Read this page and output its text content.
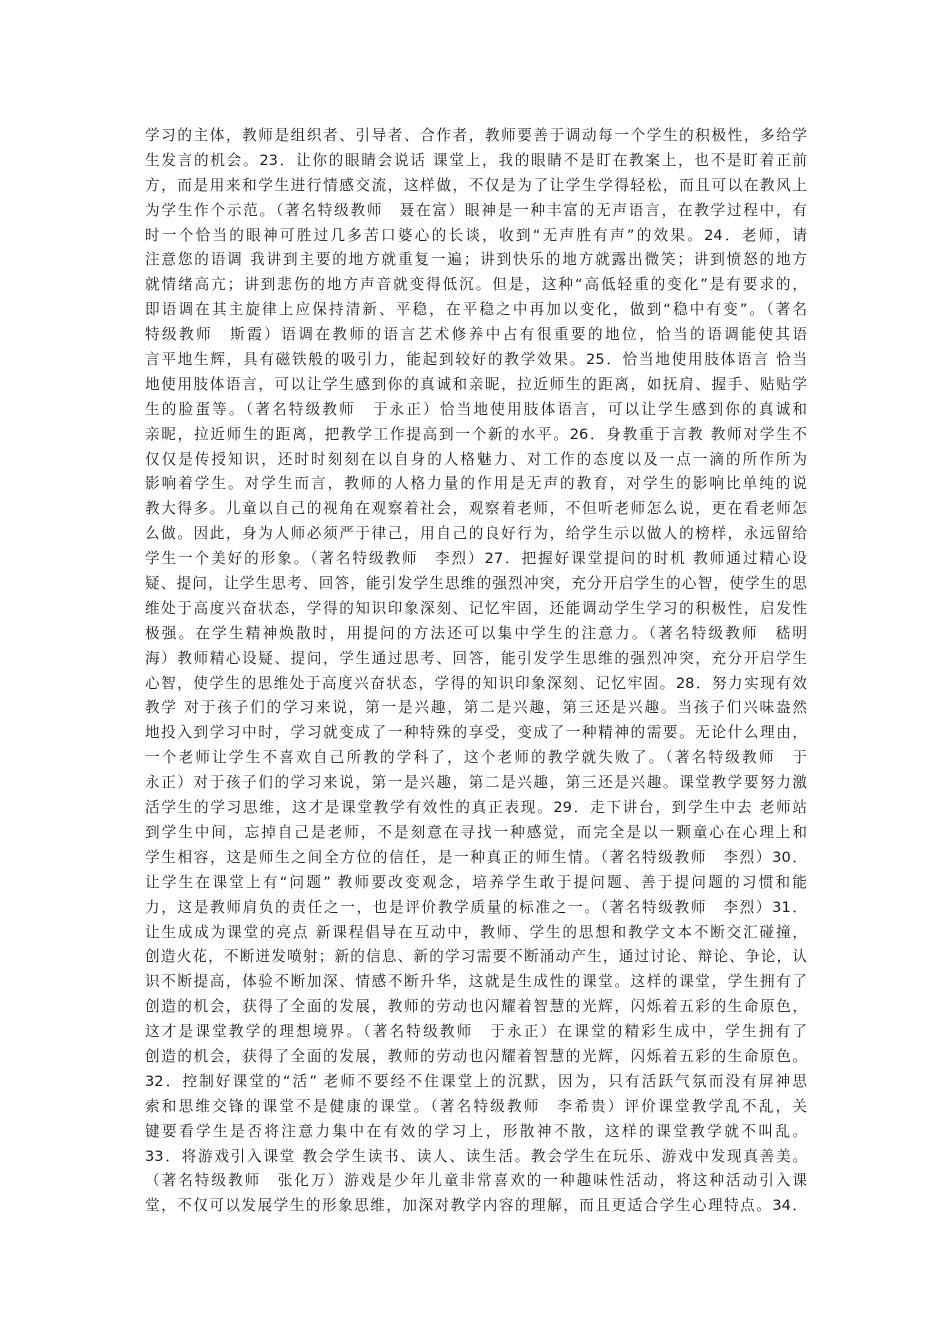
学习的主体，教师是组织者、引导者、合作者，教师要善于调动每一个学生的积极性，多给学
生发言的机会。23．让你的眼睛会说话 课堂上，我的眼睛不是盯在教案上，也不是盯着正前
方，而是用来和学生进行情感交流，这样做，不仅是为了让学生学得轻松，而且可以在教风上
为学生作个示范。（著名特级教师　聂在富）眼神是一种丰富的无声语言，在教学过程中，有
时一个恰当的眼神可胜过几多苦口婆心的长谈，收到“无声胜有声”的效果。24．老师，请
注意您的语调 我讲到主要的地方就重复一遍；讲到快乐的地方就露出微笑；讲到愤怒的地方
就情绪高亢；讲到悲伤的地方声音就变得低沉。但是，这种“高低轻重的变化”是有要求的，
即语调在其主旋律上应保持清新、平稳，在平稳之中再加以变化，做到“稳中有变”。（著名
特级教师　斯霞）语调在教师的语言艺术修养中占有很重要的地位，恰当的语调能使其语
言平地生辉，具有磁铁般的吸引力，能起到较好的教学效果。25．恰当地使用肢体语言 恰当
地使用肢体语言，可以让学生感到你的真诚和亲昵，拉近师生的距离，如抚肩、握手、贴贴学
生的脸蛋等。（著名特级教师　于永正）恰当地使用肢体语言，可以让学生感到你的真诚和
亲昵，拉近师生的距离，把教学工作提高到一个新的水平。26．身教重于言教 教师对学生不
仅仅是传授知识，还时时刻刻在以自身的人格魅力、对工作的态度以及一点一滴的所作所为
影响着学生。对学生而言，教师的人格力量的作用是无声的教育，对学生的影响比单纯的说
教大得多。儿童以自己的视角在观察着社会，观察着老师，不但听老师怎么说，更在看老师怎
么做。因此，身为人师必须严于律己，用自己的良好行为，给学生示以做人的榜样，永远留给
学生一个美好的形象。（著名特级教师　李烈）27．把握好课堂提问的时机 教师通过精心设
疑、提问，让学生思考、回答，能引发学生思维的强烈冲突，充分开启学生的心智，使学生的思
维处于高度兴奋状态，学得的知识印象深刻、记忆牢固，还能调动学生学习的积极性，启发性
极强。在学生精神焕散时，用提问的方法还可以集中学生的注意力。（著名特级教师　嵇明
海）教师精心设疑、提问，学生通过思考、回答，能引发学生思维的强烈冲突，充分开启学生
心智，使学生的思维处于高度兴奋状态，学得的知识印象深刻、记忆牢固。28．努力实现有效
教学 对于孩子们的学习来说，第一是兴趣，第二是兴趣，第三还是兴趣。当孩子们兴味盎然
地投入到学习中时，学习就变成了一种特殊的享受，变成了一种精神的需要。无论什么理由，
一个老师让学生不喜欢自己所教的学科了，这个老师的教学就失败了。（著名特级教师　于
永正）对于孩子们的学习来说，第一是兴趣，第二是兴趣，第三还是兴趣。课堂教学要努力激
活学生的学习思维，这才是课堂教学有效性的真正表现。29．走下讲台，到学生中去 老师站
到学生中间，忘掉自己是老师，不是刻意在寻找一种感觉，而完全是以一颗童心在心理上和
学生相容，这是师生之间全方位的信任，是一种真正的师生情。（著名特级教师　李烈）30．
让学生在课堂上有“问题” 教师要改变观念，培养学生敢于提问题、善于提问题的习惯和能
力，这是教师肩负的责任之一，也是评价教学质量的标准之一。（著名特级教师　李烈）31．
让生成成为课堂的亮点 新课程倡导在互动中，教师、学生的思想和教学文本不断交汇碰撞，
创造火花，不断迸发喷射；新的信息、新的学习需要不断涌动产生，通过讨论、辩论、争论，认
识不断提高，体验不断加深、情感不断升华，这就是生成性的课堂。这样的课堂，学生拥有了
创造的机会，获得了全面的发展，教师的劳动也闪耀着智慧的光辉，闪烁着五彩的生命原色，
这才是课堂教学的理想境界。（著名特级教师　于永正）在课堂的精彩生成中，学生拥有了
创造的机会，获得了全面的发展，教师的劳动也闪耀着智慧的光辉，闪烁着五彩的生命原色。
32．控制好课堂的“活” 老师不要经不住课堂上的沉默，因为，只有活跃气氛而没有屏神思
索和思维交锋的课堂不是健康的课堂。（著名特级教师　李希贵）评价课堂教学乱不乱，关
键要看学生是否将注意力集中在有效的学习上，形散神不散，这样的课堂教学就不叫乱。
33．将游戏引入课堂 教会学生读书、读人、读生活。教会学生在玩乐、游戏中发现真善美。
（著名特级教师　张化万）游戏是少年儿童非常喜欢的一种趣味性活动，将这种活动引入课
堂，不仅可以发展学生的形象思维，加深对教学内容的理解，而且更适合学生心理特点。34．
